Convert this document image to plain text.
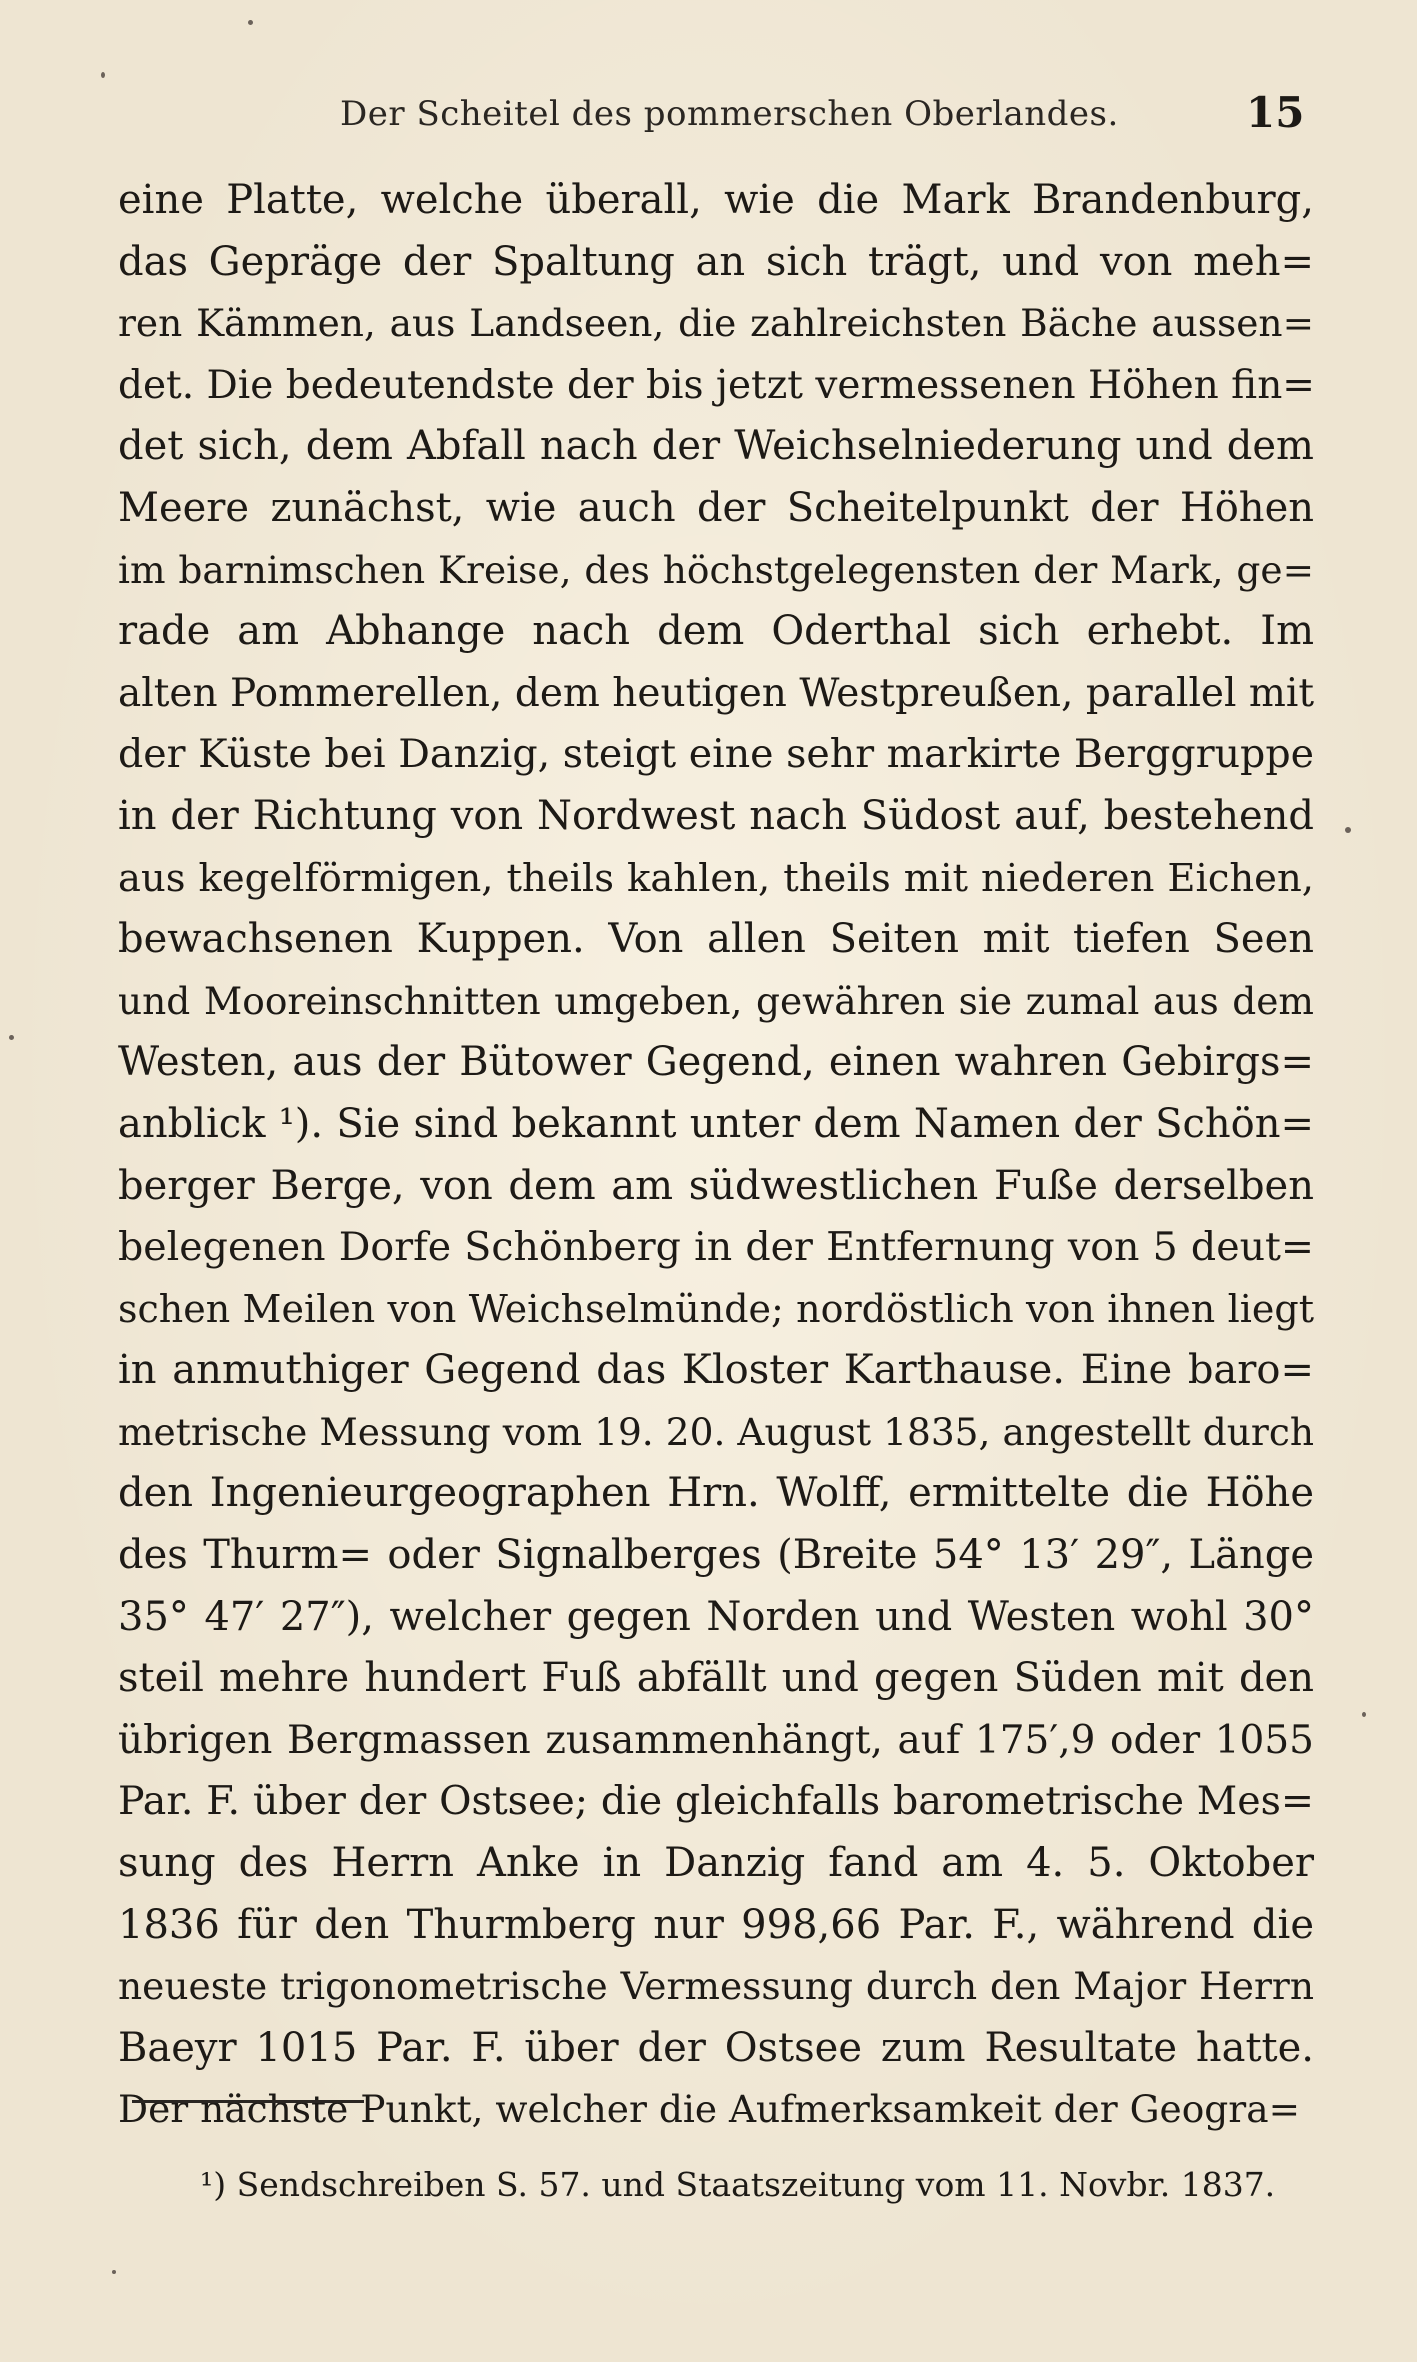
Der Scheitel des pommerschen Oberlandes.	15
eine Platte, welche überall, wie die Mark Brandenburg,
das Gepräge der Spaltung an sich trägt, und von meh=
ren Kämmen, aus Landseen, die zahlreichsten Bäche aussen=
det. Die bedeutendste der bis jetzt vermessenen Höhen fin=
det sich, dem Abfall nach der Weichselniederung und dem
Meere zunächst, wie auch der Scheitelpunkt der Höhen
im barnimschen Kreise, des höchstgelegensten der Mark, ge=
rade am Abhange nach dem Oderthal sich erhebt. Im
alten Pommerellen, dem heutigen Westpreußen, parallel mit
der Küste bei Danzig, steigt eine sehr markirte Berggruppe
in der Richtung von Nordwest nach Südost auf, bestehend
aus kegelförmigen, theils kahlen, theils mit niederen Eichen,
bewachsenen Kuppen. Von allen Seiten mit tiefen Seen
und Mooreinschnitten umgeben, gewähren sie zumal aus dem
Westen, aus der Bütower Gegend, einen wahren Gebirgs=
anblick ¹). Sie sind bekannt unter dem Namen der Schön=
berger Berge, von dem am südwestlichen Fuße derselben
belegenen Dorfe Schönberg in der Entfernung von 5 deut=
schen Meilen von Weichselmünde; nordöstlich von ihnen liegt
in anmuthiger Gegend das Kloster Karthause. Eine baro=
metrische Messung vom 19. 20. August 1835, angestellt durch
den Ingenieurgeographen Hrn. Wolff, ermittelte die Höhe
des Thurm= oder Signalberges (Breite 54° 13′ 29″, Länge
35° 47′ 27″), welcher gegen Norden und Westen wohl 30°
steil mehre hundert Fuß abfällt und gegen Süden mit den
übrigen Bergmassen zusammenhängt, auf 175′,9 oder 1055
Par. F. über der Ostsee; die gleichfalls barometrische Mes=
sung des Herrn Anke in Danzig fand am 4. 5. Oktober
1836 für den Thurmberg nur 998,66 Par. F., während die
neueste trigonometrische Vermessung durch den Major Herrn
Baeyr 1015 Par. F. über der Ostsee zum Resultate hatte.
Der nächste Punkt, welcher die Aufmerksamkeit der Geogra=
¹) Sendschreiben S. 57. und Staatszeitung vom 11. Novbr. 1837.
